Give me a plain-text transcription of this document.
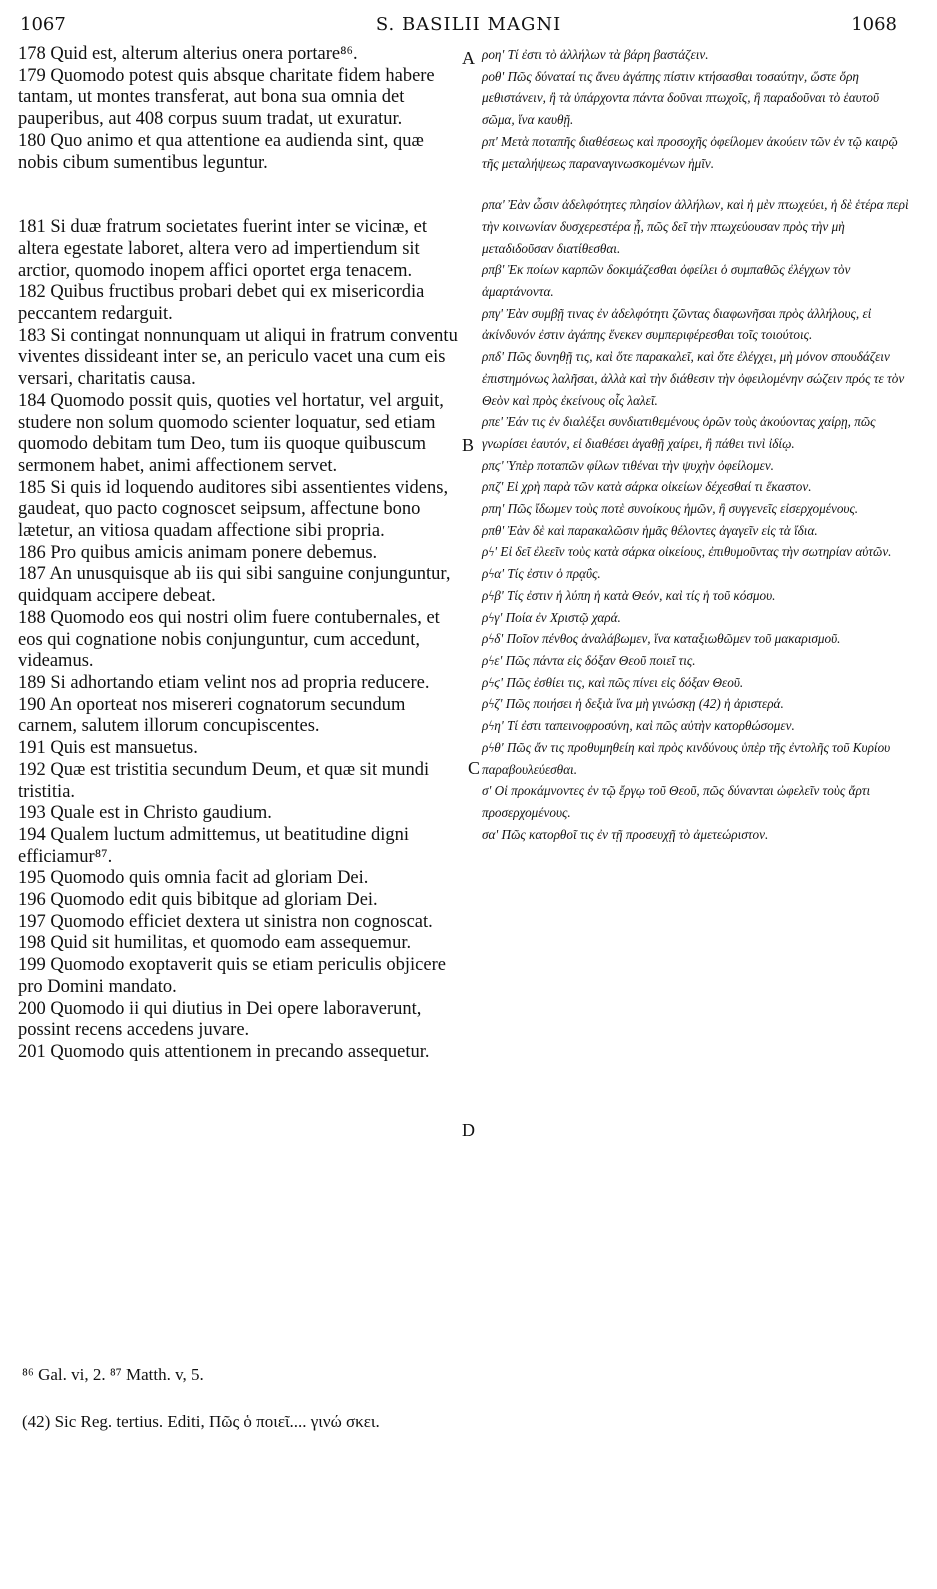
1067	S. BASILII MAGNI	1068
A
B
C
D
178 Quid est, alterum alterius onera portare⁸⁶.
179 Quomodo potest quis absque charitate fidem habere tantam, ut montes transferat, aut bona sua omnia det pauperibus, aut 408 corpus suum tradat, ut exuratur.
180 Quo animo et qua attentione ea audienda sint, quæ nobis cibum sumentibus leguntur.
181 Si duæ fratrum societates fuerint inter se vicinæ, et altera egestate laboret, altera vero ad impertiendum sit arctior, quomodo inopem affici oportet erga tenacem.
182 Quibus fructibus probari debet qui ex misericordia peccantem redarguit.
183 Si contingat nonnunquam ut aliqui in fratrum conventu viventes dissideant inter se, an periculo vacet una cum eis versari, charitatis causa.
184 Quomodo possit quis, quoties vel hortatur, vel arguit, studere non solum quomodo scienter loquatur, sed etiam quomodo debitam tum Deo, tum iis quoque quibuscum sermonem habet, animi affectionem servet.
185 Si quis id loquendo auditores sibi assentientes videns, gaudeat, quo pacto cognoscet seipsum, affectune bono lætetur, an vitiosa quadam affectione sibi propria.
186 Pro quibus amicis animam ponere debemus.
187 An unusquisque ab iis qui sibi sanguine conjunguntur, quidquam accipere debeat.
188 Quomodo eos qui nostri olim fuere contubernales, et eos qui cognatione nobis conjunguntur, cum accedunt, videamus.
189 Si adhortando etiam velint nos ad propria reducere.
190 An oporteat nos misereri cognatorum secundum carnem, salutem illorum concupiscentes.
191 Quis est mansuetus.
192 Quæ est tristitia secundum Deum, et quæ sit mundi tristitia.
193 Quale est in Christo gaudium.
194 Qualem luctum admittemus, ut beatitudine digni efficiamur⁸⁷.
195 Quomodo quis omnia facit ad gloriam Dei.
196 Quomodo edit quis bibitque ad gloriam Dei.
197 Quomodo efficiet dextera ut sinistra non cognoscat.
198 Quid sit humilitas, et quomodo eam assequemur.
199 Quomodo exoptaverit quis se etiam periculis objicere pro Domini mandato.
200 Quomodo ii qui diutius in Dei opere laboraverunt, possint recens accedens juvare.
201 Quomodo quis attentionem in precando assequetur.
ροη' Τί ἐστι τὸ ἀλλήλων τὰ βάρη βαστάζειν.
ροθ' Πῶς δύναταί τις ἄνευ ἀγάπης πίστιν κτήσασθαι τοσαύτην, ὥστε ὄρη μεθιστάνειν, ἢ τὰ ὑπάρχοντα πάντα δοῦναι πτωχοῖς, ἢ παραδοῦναι τὸ ἑαυτοῦ σῶμα, ἵνα καυθῇ.
ρπ' Μετὰ ποταπῆς διαθέσεως καὶ προσοχῆς ὀφείλομεν ἀκούειν τῶν ἐν τῷ καιρῷ τῆς μεταλήψεως παραναγινωσκομένων ἡμῖν.
ρπα' Ἐὰν ὦσιν ἀδελφότητες πλησίον ἀλλήλων, καὶ ἡ μὲν πτωχεύει, ἡ δὲ ἑτέρα περὶ τὴν κοινωνίαν δυσχερεστέρα ᾖ, πῶς δεῖ τὴν πτωχεύουσαν πρὸς τὴν μὴ μεταδιδοῦσαν διατίθεσθαι.
ρπβ' Ἐκ ποίων καρπῶν δοκιμάζεσθαι ὀφείλει ὁ συμπαθῶς ἐλέγχων τὸν ἁμαρτάνοντα.
ρπγ' Ἐὰν συμβῇ τινας ἐν ἀδελφότητι ζῶντας διαφωνῆσαι πρὸς ἀλλήλους, εἰ ἀκίνδυνόν ἐστιν ἀγάπης ἕνεκεν συμπεριφέρεσθαι τοῖς τοιούτοις.
ρπδ' Πῶς δυνηθῇ τις, καὶ ὅτε παρακαλεῖ, καὶ ὅτε ἐλέγχει, μὴ μόνον σπουδάζειν ἐπιστημόνως λαλῆσαι, ἀλλὰ καὶ τὴν διάθεσιν τὴν ὀφειλομένην σώζειν πρός τε τὸν Θεὸν καὶ πρὸς ἐκείνους οἷς λαλεῖ.
ρπε' Ἐάν τις ἐν διαλέξει συνδιατιθεμένους ὁρῶν τοὺς ἀκούοντας χαίρῃ, πῶς γνωρίσει ἑαυτόν, εἰ διαθέσει ἀγαθῇ χαίρει, ἢ πάθει τινὶ ἰδίῳ.
ρπϛ' Ὑπὲρ ποταπῶν φίλων τιθέναι τὴν ψυχὴν ὀφείλομεν.
ρπζ' Εἰ χρὴ παρὰ τῶν κατὰ σάρκα οἰκείων δέχεσθαί τι ἕκαστον.
ρπη' Πῶς ἴδωμεν τοὺς ποτὲ συνοίκους ἡμῶν, ἢ συγγενεῖς εἰσερχομένους.
ρπθ' Ἐὰν δὲ καὶ παρακαλῶσιν ἡμᾶς θέλοντες ἀγαγεῖν εἰς τὰ ἴδια.
ρϟ' Εἰ δεῖ ἐλεεῖν τοὺς κατὰ σάρκα οἰκείους, ἐπιθυμοῦντας τὴν σωτηρίαν αὐτῶν.
ρϟα' Τίς ἐστιν ὁ πρᾳΰς.
ρϟβ' Τίς ἐστιν ἡ λύπη ἡ κατὰ Θεόν, καὶ τίς ἡ τοῦ κόσμου.
ρϟγ' Ποία ἐν Χριστῷ χαρά.
ρϟδ' Ποῖον πένθος ἀναλάβωμεν, ἵνα καταξιωθῶμεν τοῦ μακαρισμοῦ.
ρϟε' Πῶς πάντα εἰς δόξαν Θεοῦ ποιεῖ τις.
ρϟϛ' Πῶς ἐσθίει τις, καὶ πῶς πίνει εἰς δόξαν Θεοῦ.
ρϟζ' Πῶς ποιήσει ἡ δεξιὰ ἵνα μὴ γινώσκῃ (42) ἡ ἀριστερά.
ρϟη' Τί ἐστι ταπεινοφροσύνη, καὶ πῶς αὐτὴν κατορθώσομεν.
ρϟθ' Πῶς ἄν τις προθυμηθείη καὶ πρὸς κινδύνους ὑπὲρ τῆς ἐντολῆς τοῦ Κυρίου παραβουλεύεσθαι.
σ' Οἱ προκάμνοντες ἐν τῷ ἔργῳ τοῦ Θεοῦ, πῶς δύνανται ὠφελεῖν τοὺς ἄρτι προσερχομένους.
σα' Πῶς κατορθοῖ τις ἐν τῇ προσευχῇ τὸ ἀμετεώριστον.
⁸⁶ Gal. vi, 2. ⁸⁷ Matth. v, 5.
(42) Sic Reg. tertius. Editi, Πῶς ὁ ποιεῖ.... γινώ σκει.
